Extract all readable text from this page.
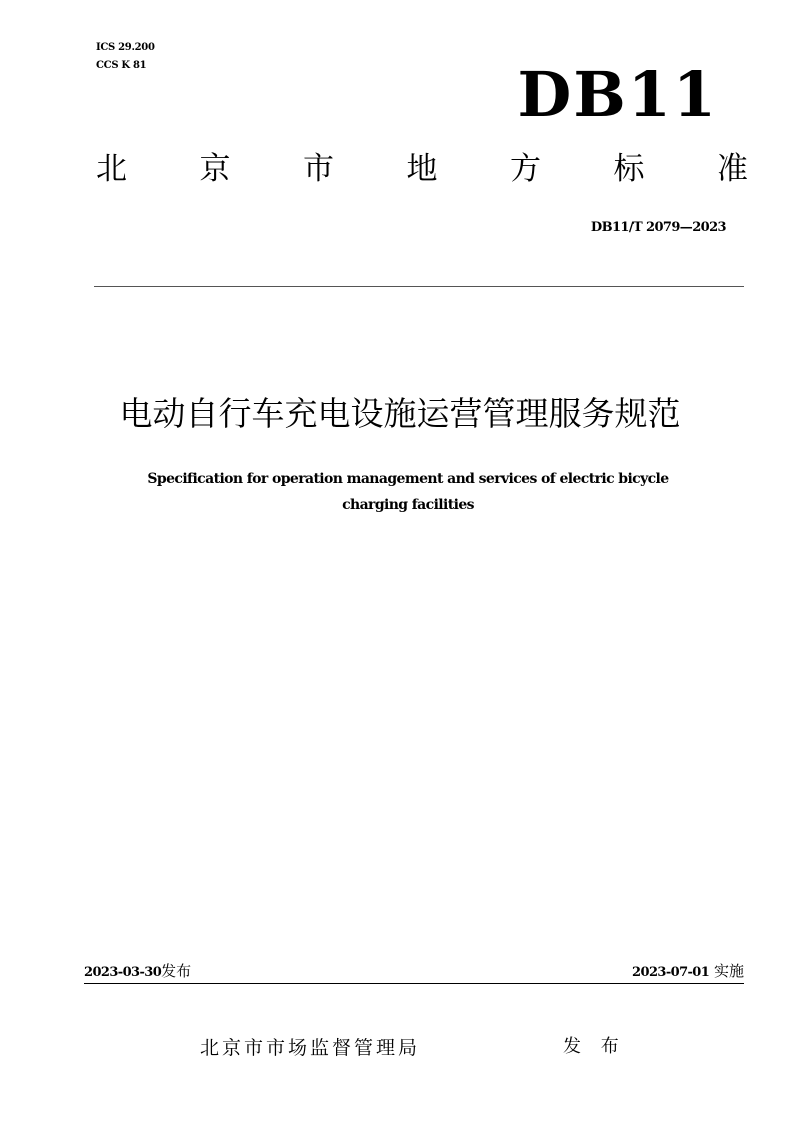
ICS 29.200
CCS K 81	DB11
北 京 市 地 方 标 准
DB11/T 2079—2023
电动自行车充电设施运营管理服务规范
Specification for operation management and services of electric bicycle
charging facilities
2023-03-30发布	2023-07-01 实施
北京市市场监督管理局	发 布
